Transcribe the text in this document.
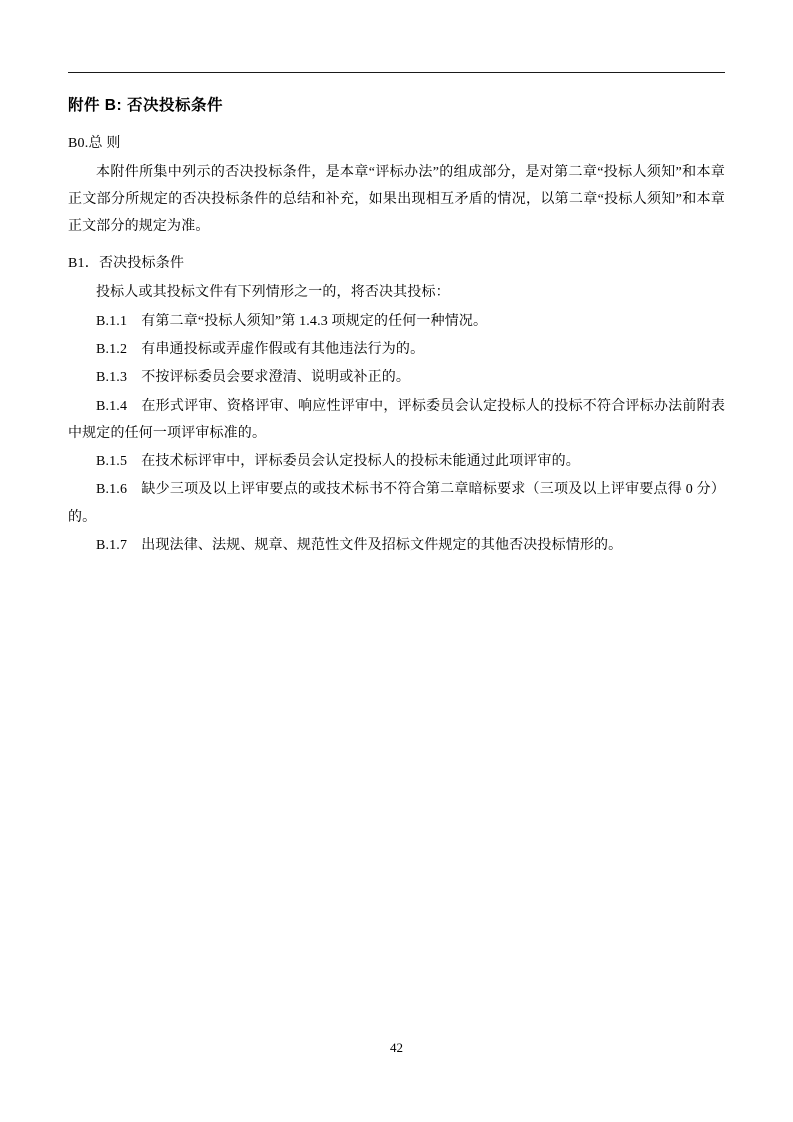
附件 B: 否决投标条件
B0.总 则

本附件所集中列示的否决投标条件，是本章“评标办法”的组成部分，是对第二章“投标人须知”和本章正文部分所规定的否决投标条件的总结和补充，如果出现相互矛盾的情况，以第二章“投标人须知”和本章正文部分的规定为准。

B1．否决投标条件

投标人或其投标文件有下列情形之一的，将否决其投标：

B.1.1　有第二章“投标人须知”第 1.4.3 项规定的任何一种情况。

B.1.2　有串通投标或弄虚作假或有其他违法行为的。

B.1.3　不按评标委员会要求澄清、说明或补正的。

B.1.4　在形式评审、资格评审、响应性评审中，评标委员会认定投标人的投标不符合评标办法前附表中规定的任何一项评审标准的。

B.1.5　在技术标评审中，评标委员会认定投标人的投标未能通过此项评审的。

B.1.6　缺少三项及以上评审要点的或技术标书不符合第二章暗标要求（三项及以上评审要点得 0 分）的。

B.1.7　出现法律、法规、规章、规范性文件及招标文件规定的其他否决投标情形的。

42
